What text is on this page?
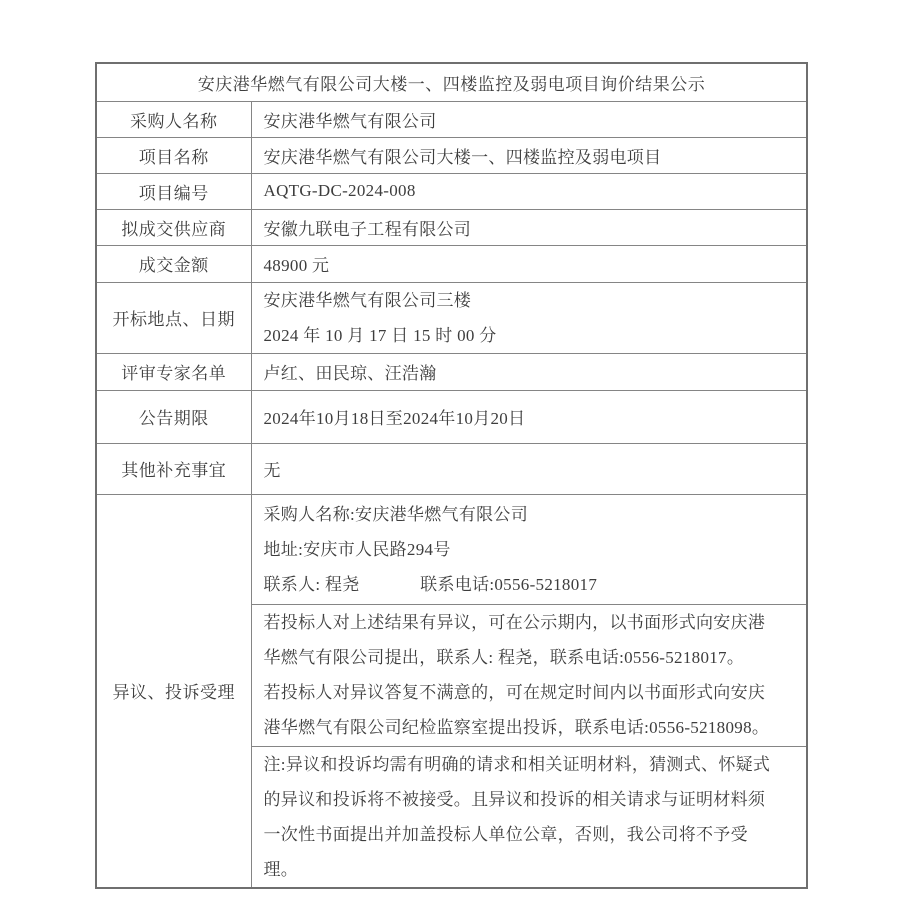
安庆港华燃气有限公司大楼一、四楼监控及弱电项目询价结果公示	
采购人名称	安庆港华燃气有限公司
项目名称	安庆港华燃气有限公司大楼一、四楼监控及弱电项目
项目编号	AQTG-DC-2024-008
拟成交供应商	安徽九联电子工程有限公司
成交金额	48900 元
开标地点、日期	安庆港华燃气有限公司三楼
2024 年 10 月 17 日 15 时 00 分

评审专家名单	卢红、田民琼、汪浩瀚
公告期限	2024年10月18日至2024年10月20日
其他补充事宜	无
异议、投诉受理	采购人名称:安庆港华燃气有限公司
地址:安庆市人民路294号
联系人: 程尧 联系电话:0556-5218017

	若投标人对上述结果有异议，可在公示期内，以书面形式向安庆港华燃气有限公司提出，联系人: 程尧，联系电话:0556-5218017。

若投标人对异议答复不满意的，可在规定时间内以书面形式向安庆港华燃气有限公司纪检监察室提出投诉，联系电话:0556-5218098。

	注:异议和投诉均需有明确的请求和相关证明材料，猜测式、怀疑式的异议和投诉将不被接受。且异议和投诉的相关请求与证明材料须一次性书面提出并加盖投标人单位公章，否则，我公司将不予受理。
